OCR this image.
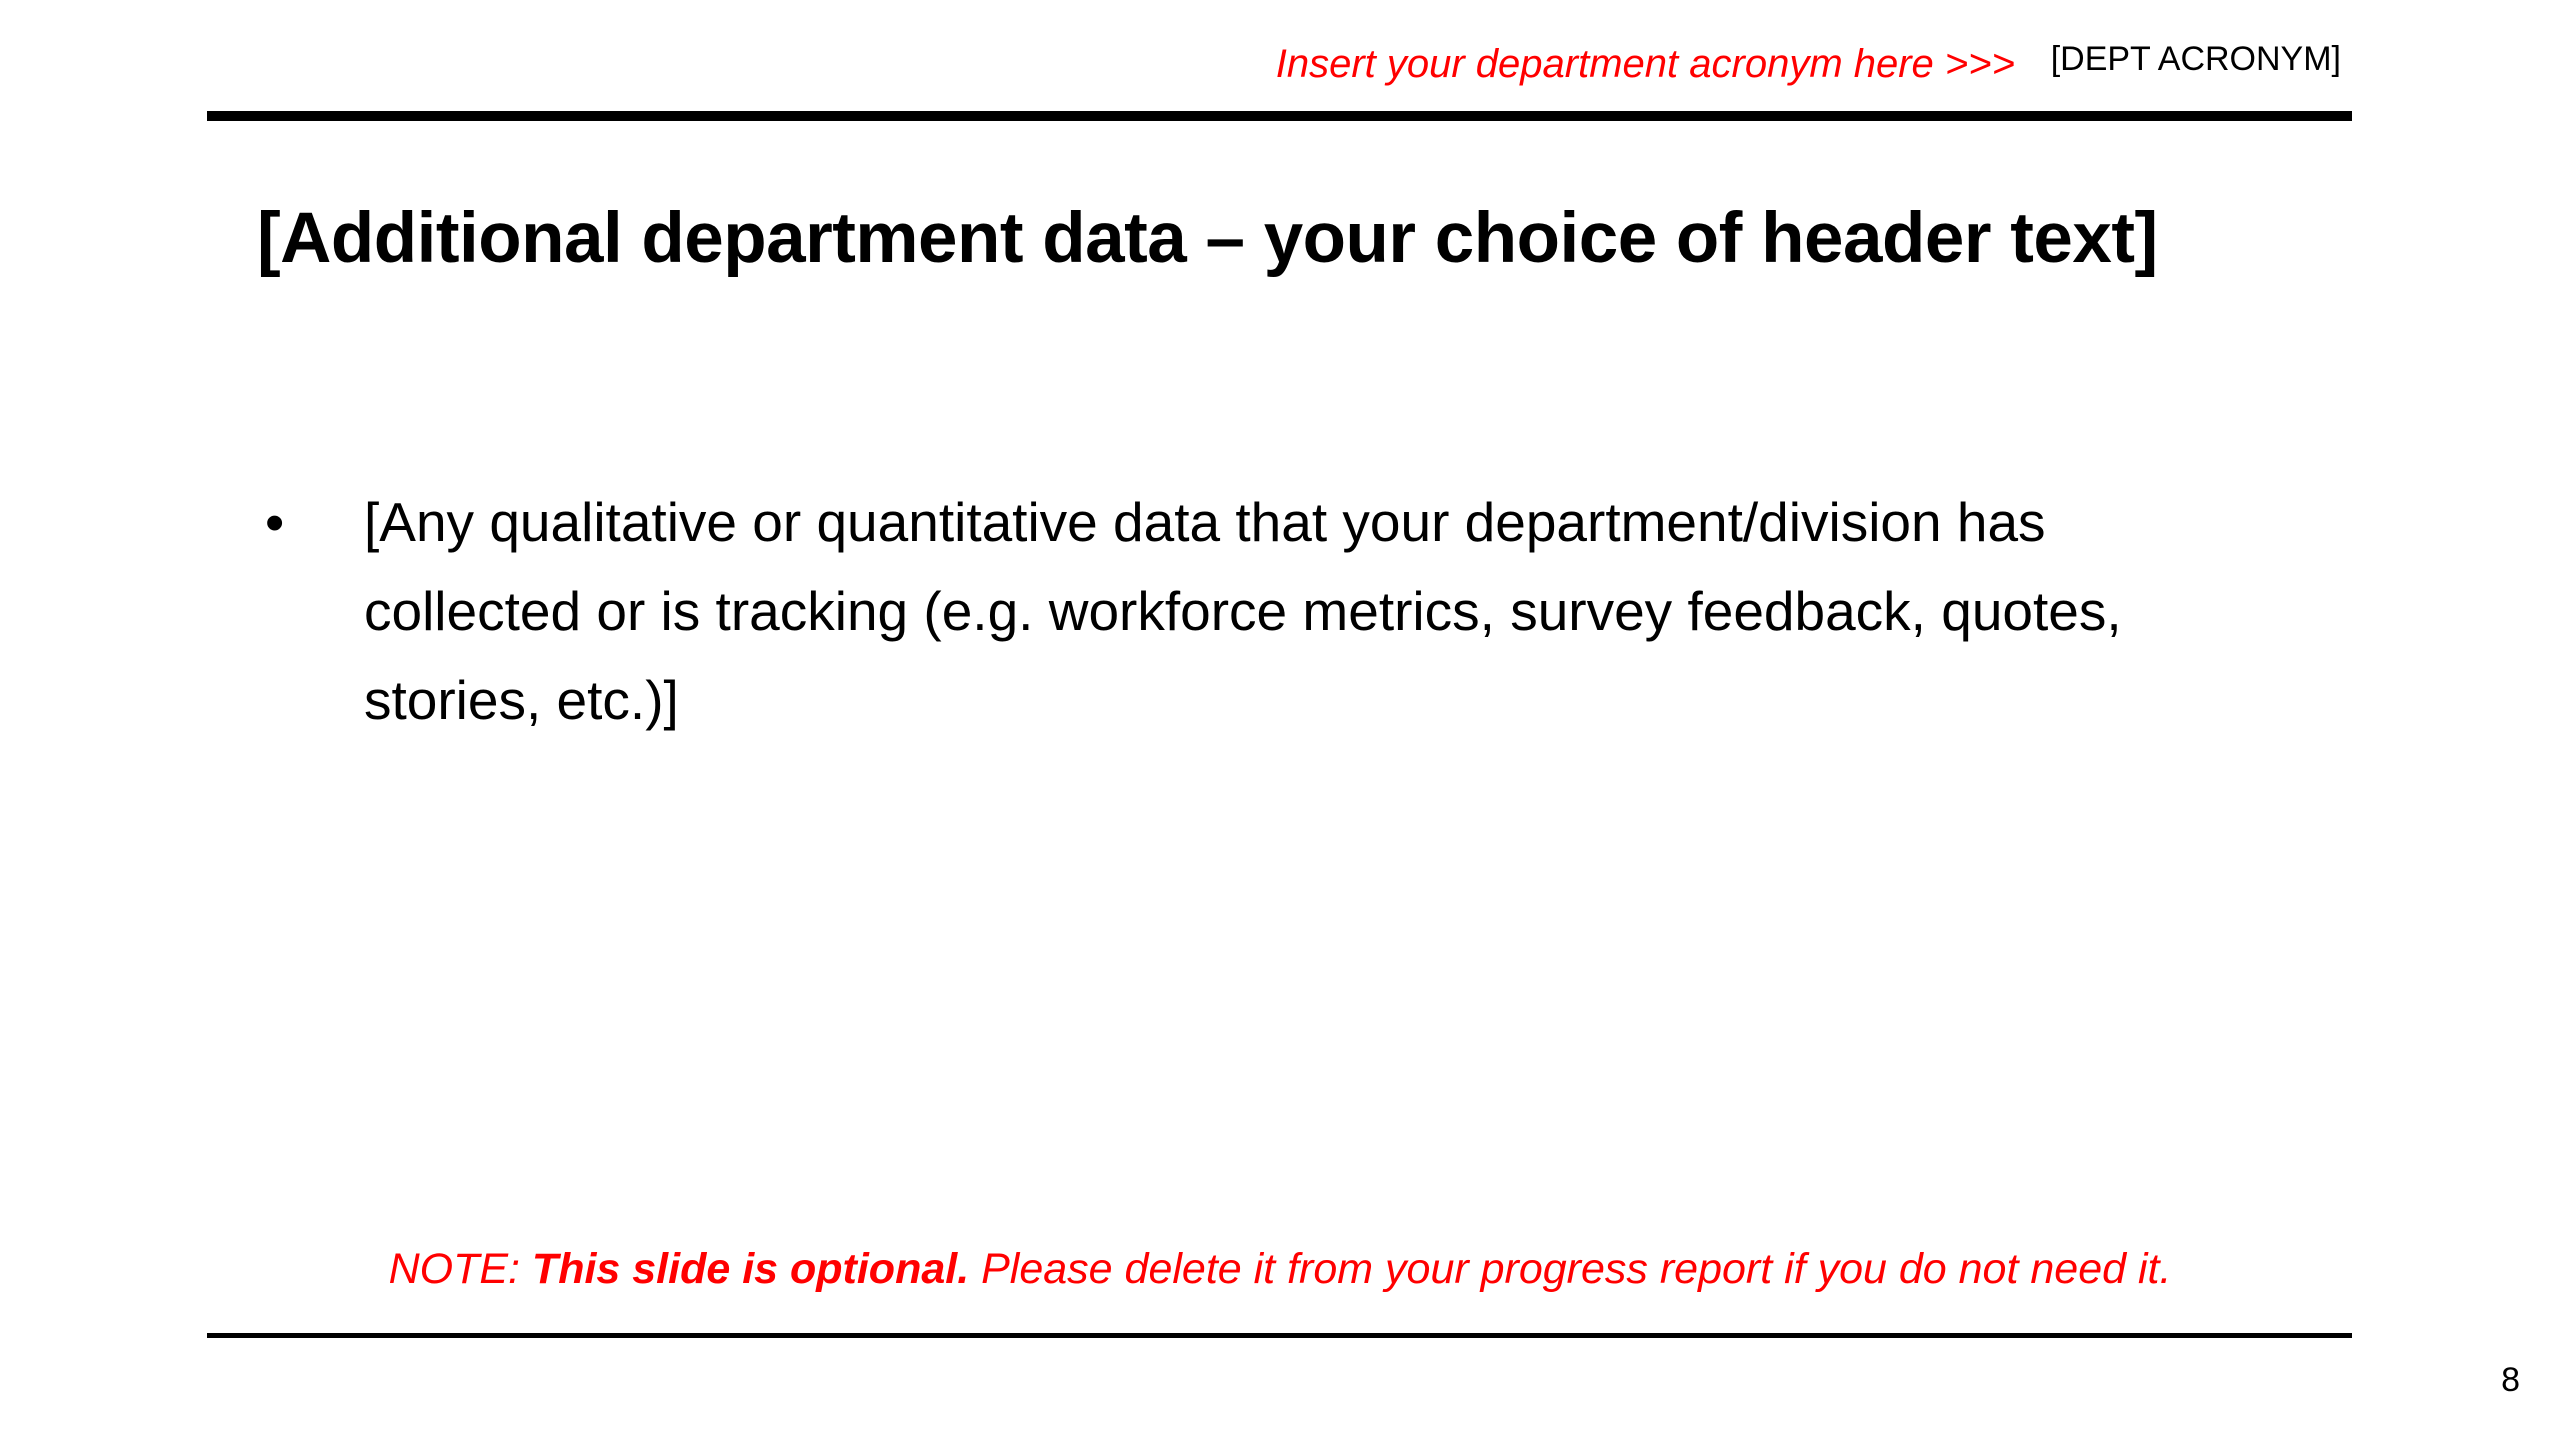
Insert your department acronym here >>> [DEPT ACRONYM]
[Additional department data – your choice of header text]
• [Any qualitative or quantitative data that your department/division has collected or is tracking (e.g. workforce metrics, survey feedback, quotes, stories, etc.)]
NOTE: This slide is optional. Please delete it from your progress report if you do not need it.
8
